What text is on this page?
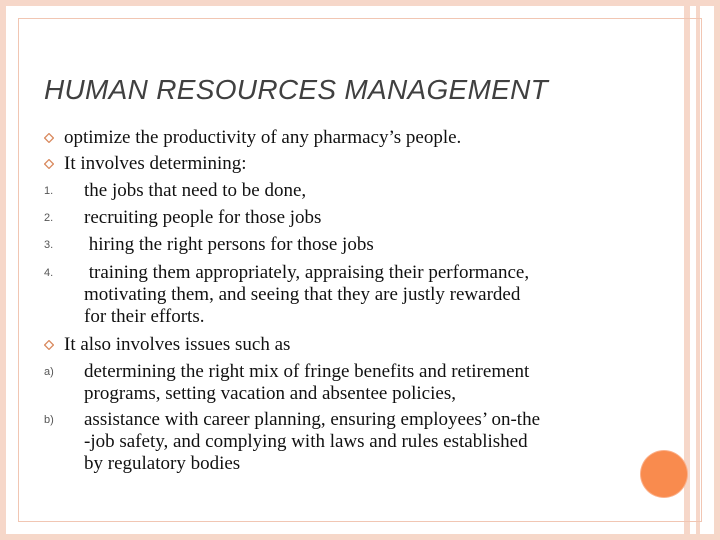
HUMAN RESOURCES MANAGEMENT
optimize the productivity of any pharmacy’s people.
It involves determining:
1. the jobs that need to be done,
2. recruiting people for those jobs
3. hiring the right persons for those jobs
4. training them appropriately, appraising their performance,
motivating them, and seeing that they are justly rewarded
for their efforts.
It also involves issues such as
a) determining the right mix of fringe benefits and retirement
programs, setting vacation and absentee policies,
b) assistance with career planning, ensuring employees’ on-the
-job safety, and complying with laws and rules established
by regulatory bodies
